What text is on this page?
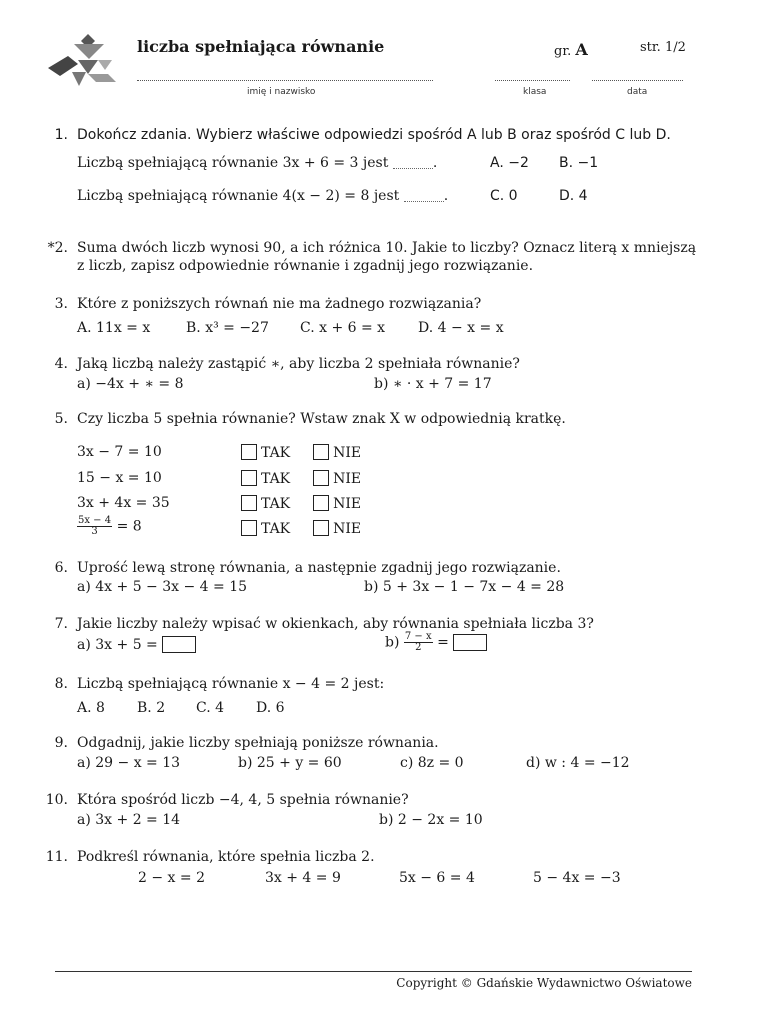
liczba spełniająca równanie	gr. A	str. 1/2
imię i nazwisko	klasa	data
1. Dokończ zdania. Wybierz właściwe odpowiedzi spośród A lub B oraz spośród C lub D.
Liczbą spełniającą równanie 3x + 6 = 3 jest	.	A. −2 B. −1
Liczbą spełniającą równanie 4(x − 2) = 8 jest	.	C. 0	D. 4
*2. Suma dwóch liczb wynosi 90, a ich różnica 10. Jakie to liczby? Oznacz literą x mniejszą
z liczb, zapisz odpowiednie równanie i zgadnij jego rozwiązanie.
3. Które z poniższych równań nie ma żadnego rozwiązania?
A. 11x = x	B. x³ = −27 C. x + 6 = x D. 4 − x = x
4. Jaką liczbą należy zastąpić ∗, aby liczba 2 spełniała równanie?
a) −4x + ∗ = 8	b) ∗ · x + 7 = 17
5. Czy liczba 5 spełnia równanie? Wstaw znak X w odpowiednią kratkę.
3x − 7 = 10	TAK	NIE
15 − x = 10	TAK	NIE
3x + 4x = 35	TAK	NIE
$\frac{5x - 4}{3} = 8$	TAK	NIE
6. Uprość lewą stronę równania, a następnie zgadnij jego rozwiązanie.
a) 4x + 5 − 3x − 4 = 15	b) 5 + 3x − 1 − 7x − 4 = 28
7. Jakie liczby należy wpisać w okienkach, aby równania spełniała liczba 3?
a) 3x + 5 =	$b) \frac{7 - x}{2}$ =
8. Liczbą spełniającą równanie x − 4 = 2 jest:
A. 8 B. 2 C. 4 D. 6
9. Odgadnij, jakie liczby spełniają poniższe równania.
a) 29 − x = 13	b) 25 + y = 60	c) 8z = 0	d) w : 4 = −12
10. Która spośród liczb −4, 4, 5 spełnia równanie?
a) 3x + 2 = 14	b) 2 − 2x = 10
11. Podkreśl równania, które spełnia liczba 2.
2 − x = 2	3x + 4 = 9	5x − 6 = 4	5 − 4x = −3
Copyright © Gdańskie Wydawnictwo Oświatowe
